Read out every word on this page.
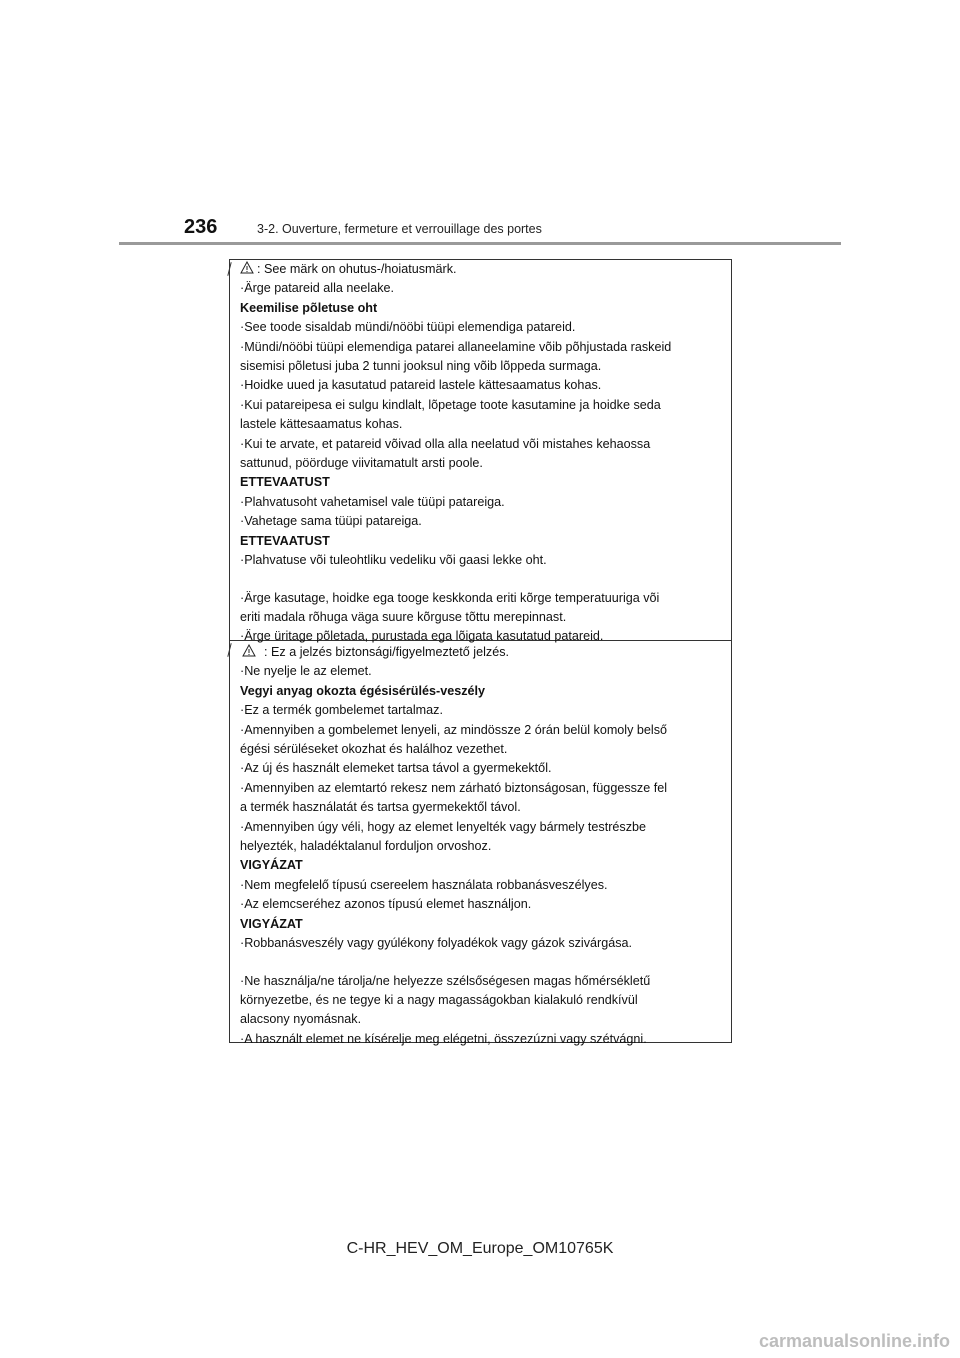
236	3-2. Ouverture, fermeture et verrouillage des portes
: See märk on ohutus-/hoiatusmärk.
·Ärge patareid alla neelake.
Keemilise põletuse oht
·See toode sisaldab mündi/nööbi tüüpi elemendiga patareid.
·Mündi/nööbi tüüpi elemendiga patarei allaneelamine võib põhjustada raskeid
sisemisi põletusi juba 2 tunni jooksul ning võib lõppeda surmaga.
·Hoidke uued ja kasutatud patareid lastele kättesaamatus kohas.
·Kui patareipesa ei sulgu kindlalt, lõpetage toote kasutamine ja hoidke seda
lastele kättesaamatus kohas.
·Kui te arvate, et patareid võivad olla alla neelatud või mistahes kehaossa
sattunud, pöörduge viivitamatult arsti poole.
ETTEVAATUST
·Plahvatusoht vahetamisel vale tüüpi patareiga.
·Vahetage sama tüüpi patareiga.
ETTEVAATUST
·Plahvatuse või tuleohtliku vedeliku või gaasi lekke oht.
·Ärge kasutage, hoidke ega tooge keskkonda eriti kõrge temperatuuriga või
eriti madala rõhuga väga suure kõrguse tõttu merepinnast.
·Ärge üritage põletada, purustada ega lõigata kasutatud patareid.
: Ez a jelzés biztonsági/figyelmeztető jelzés.
·Ne nyelje le az elemet.
Vegyi anyag okozta égésisérülés-veszély
·Ez a termék gombelemet tartalmaz.
·Amennyiben a gombelemet lenyeli, az mindössze 2 órán belül komoly belső
égési sérüléseket okozhat és halálhoz vezethet.
·Az új és használt elemeket tartsa távol a gyermekektől.
·Amennyiben az elemtartó rekesz nem zárható biztonságosan, függessze fel
a termék használatát és tartsa gyermekektől távol.
·Amennyiben úgy véli, hogy az elemet lenyelték vagy bármely testrészbe
helyezték, haladéktalanul forduljon orvoshoz.
VIGYÁZAT
·Nem megfelelő típusú csereelem használata robbanásveszélyes.
·Az elemcseréhez azonos típusú elemet használjon.
VIGYÁZAT
·Robbanásveszély vagy gyúlékony folyadékok vagy gázok szivárgása.
·Ne használja/ne tárolja/ne helyezze szélsőségesen magas hőmérsékletű
környezetbe, és ne tegye ki a nagy magasságokban kialakuló rendkívül
alacsony nyomásnak.
·A használt elemet ne kísérelje meg elégetni, összezúzni vagy szétvágni.
C-HR_HEV_OM_Europe_OM10765K
carmanualsonline.info
